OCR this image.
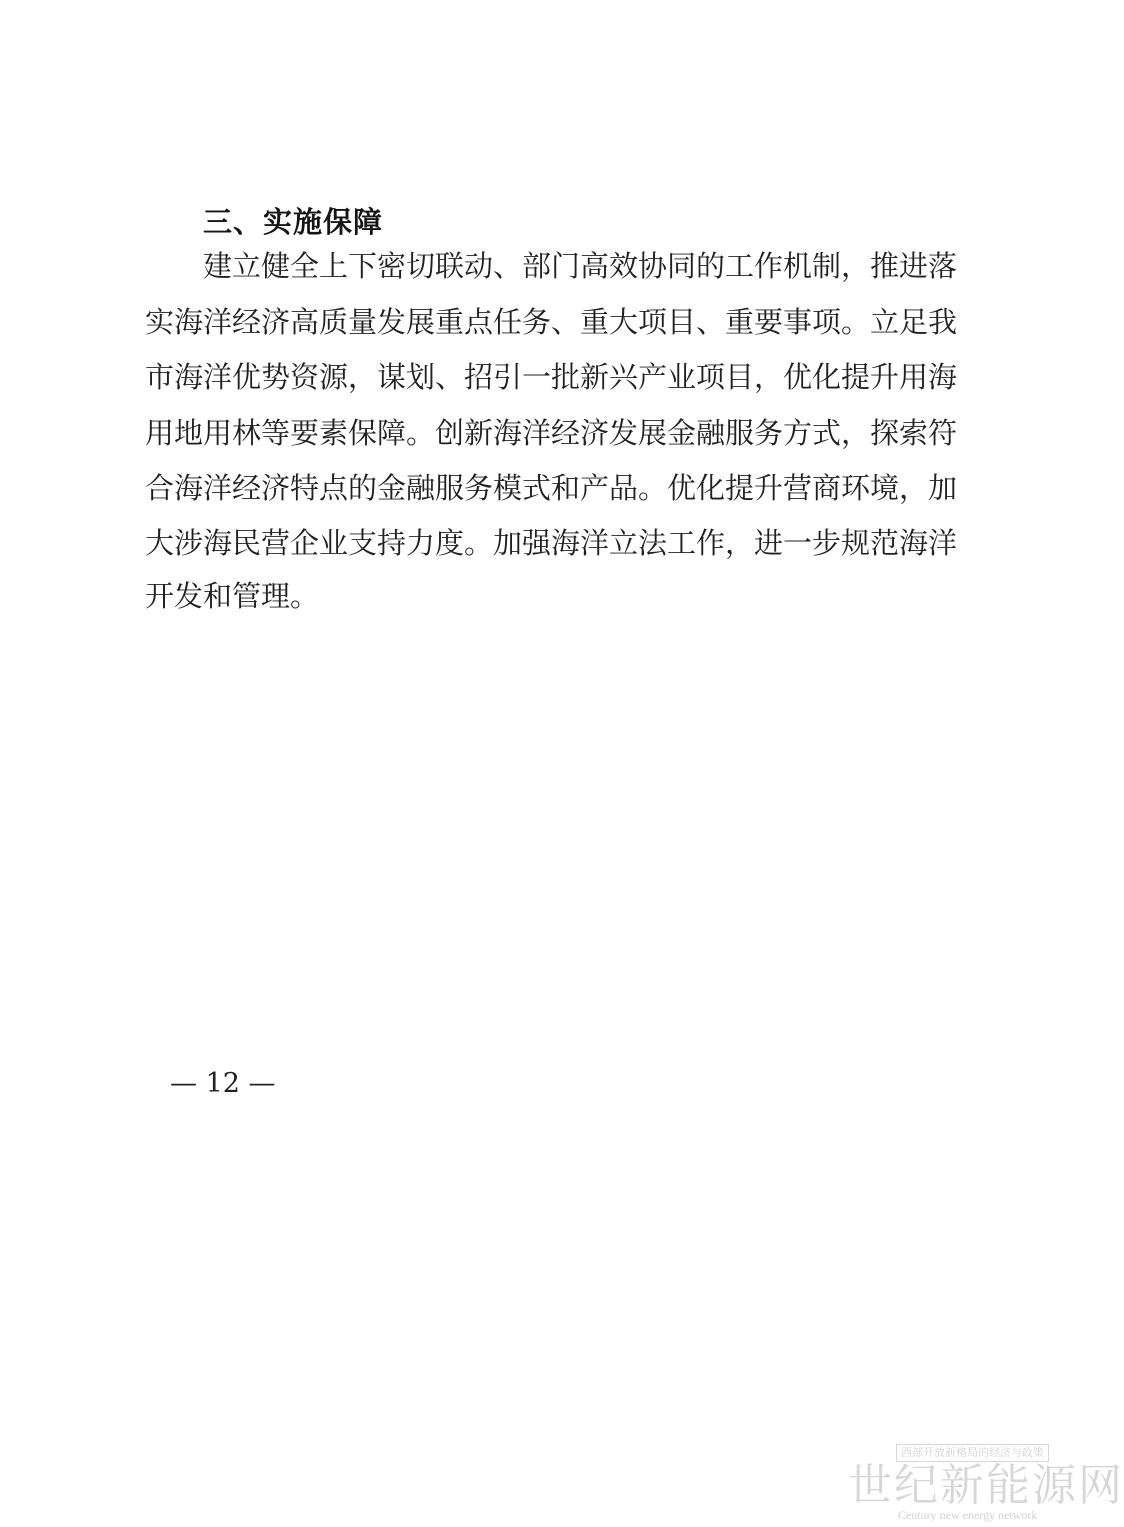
三、实施保障
建立健全上下密切联动、部门高效协同的工作机制，推进落
实海洋经济高质量发展重点任务、重大项目、重要事项。立足我
市海洋优势资源，谋划、招引一批新兴产业项目，优化提升用海
用地用林等要素保障。创新海洋经济发展金融服务方式，探索符
合海洋经济特点的金融服务模式和产品。优化提升营商环境，加
大涉海民营企业支持力度。加强海洋立法工作，进一步规范海洋
开发和管理。
— 12 —
西部开放新格局的经济与政策
世纪新能源网
Century new energy network
